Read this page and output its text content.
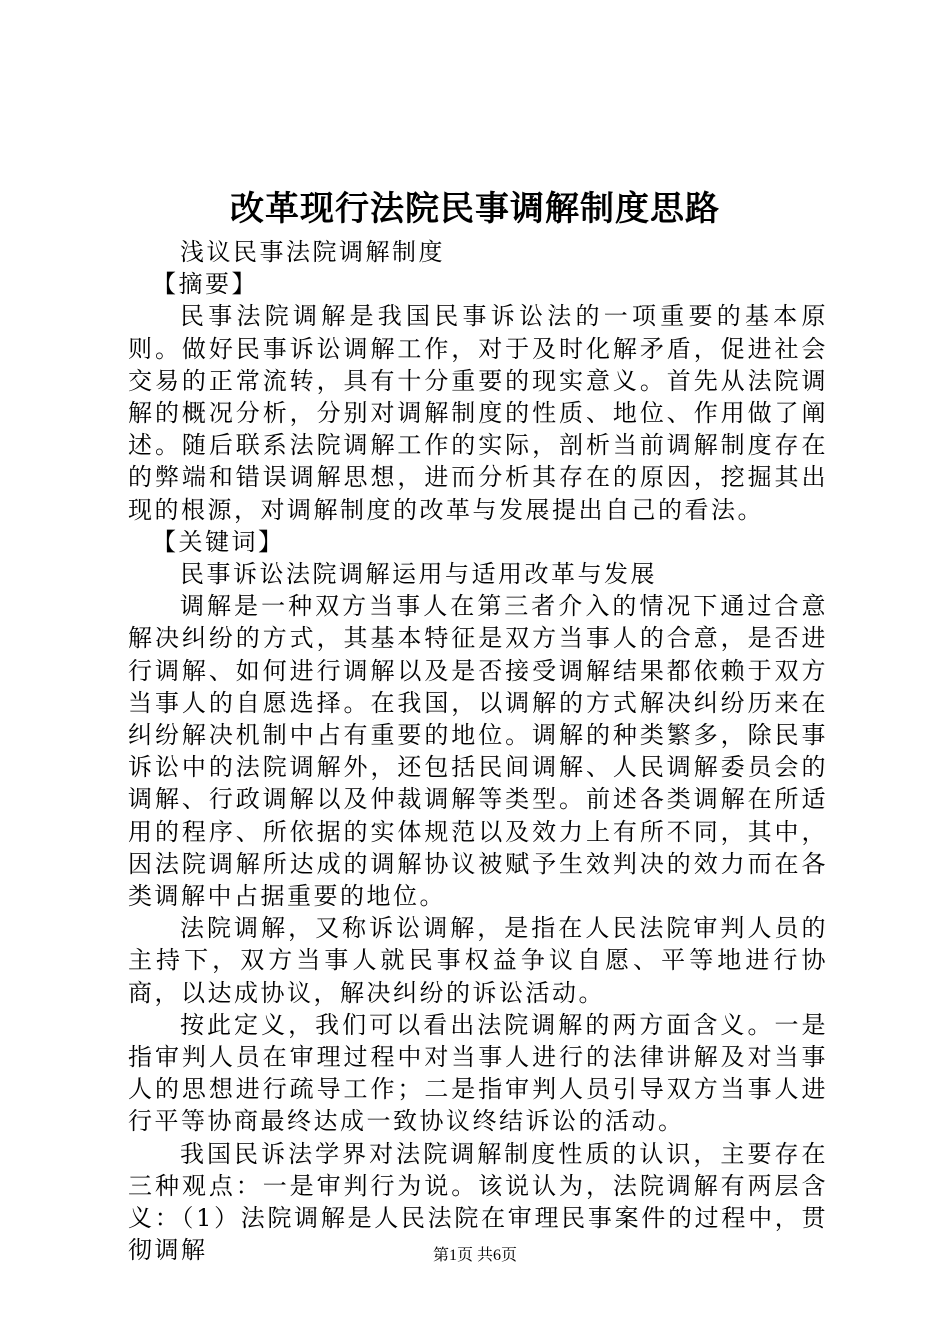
改革现行法院民事调解制度思路

浅议民事法院调解制度

【摘要】

民事法院调解是我国民事诉讼法的一项重要的基本原则。做好民事诉讼调解工作，对于及时化解矛盾，促进社会交易的正常流转，具有十分重要的现实意义。首先从法院调解的概况分析，分别对调解制度的性质、地位、作用做了阐述。随后联系法院调解工作的实际，剖析当前调解制度存在的弊端和错误调解思想，进而分析其存在的原因，挖掘其出现的根源，对调解制度的改革与发展提出自己的看法。

【关键词】

民事诉讼法院调解运用与适用改革与发展

调解是一种双方当事人在第三者介入的情况下通过合意解决纠纷的方式，其基本特征是双方当事人的合意，是否进行调解、如何进行调解以及是否接受调解结果都依赖于双方当事人的自愿选择。在我国，以调解的方式解决纠纷历来在纠纷解决机制中占有重要的地位。调解的种类繁多，除民事诉讼中的法院调解外，还包括民间调解、人民调解委员会的调解、行政调解以及仲裁调解等类型。前述各类调解在所适用的程序、所依据的实体规范以及效力上有所不同，其中，因法院调解所达成的调解协议被赋予生效判决的效力而在各类调解中占据重要的地位。

法院调解，又称诉讼调解，是指在人民法院审判人员的主持下，双方当事人就民事权益争议自愿、平等地进行协商，以达成协议，解决纠纷的诉讼活动。

按此定义，我们可以看出法院调解的两方面含义。一是指审判人员在审理过程中对当事人进行的法律讲解及对当事人的思想进行疏导工作；二是指审判人员引导双方当事人进行平等协商最终达成一致协议终结诉讼的活动。

我国民诉法学界对法院调解制度性质的认识，主要存在三种观点：一是审判行为说。该说认为，法院调解有两层含义：（1）法院调解是人民法院在审理民事案件的过程中，贯彻调解	第1页 共6页
